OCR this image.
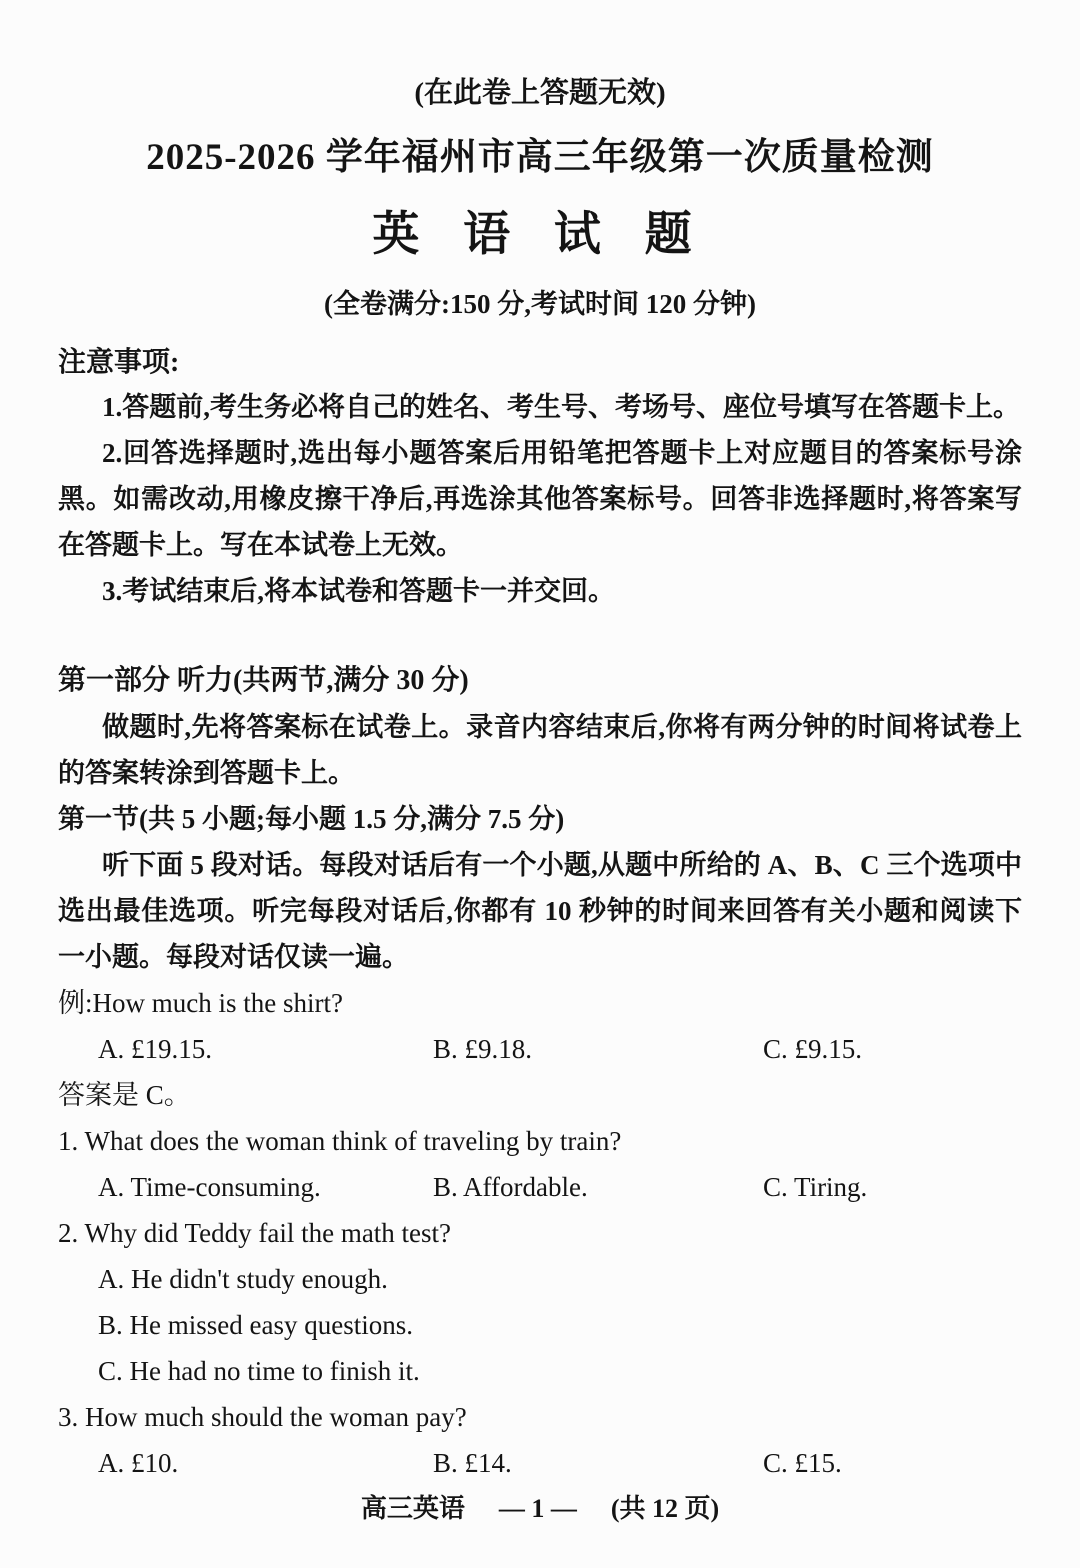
(在此卷上答题无效)
2025-2026 学年福州市高三年级第一次质量检测
英 语 试 题
(全卷满分:150 分,考试时间 120 分钟)
注意事项:

1.答题前,考生务必将自己的姓名、考生号、考场号、座位号填写在答题卡上。

2.回答选择题时,选出每小题答案后用铅笔把答题卡上对应题目的答案标号涂黑。如需改动,用橡皮擦干净后,再选涂其他答案标号。回答非选择题时,将答案写在答题卡上。写在本试卷上无效。

3.考试结束后,将本试卷和答题卡一并交回。

第一部分 听力(共两节,满分 30 分)

做题时,先将答案标在试卷上。录音内容结束后,你将有两分钟的时间将试卷上的答案转涂到答题卡上。

第一节(共 5 小题;每小题 1.5 分,满分 7.5 分)

听下面 5 段对话。每段对话后有一个小题,从题中所给的 A、B、C 三个选项中选出最佳选项。听完每段对话后,你都有 10 秒钟的时间来回答有关小题和阅读下一小题。每段对话仅读一遍。

例:How much is the shirt?
A. £19.15.	B. £9.18.	C. £9.15.
答案是 C。
1. What does the woman think of traveling by train?
A. Time-consuming.	B. Affordable.	C. Tiring.
2. Why did Teddy fail the math test?
A. He didn't study enough.
B. He missed easy questions.
C. He had no time to finish it.
3. How much should the woman pay?
A. £10.	B. £14.	C. £15.
高三英语 — 1 — (共 12 页)
